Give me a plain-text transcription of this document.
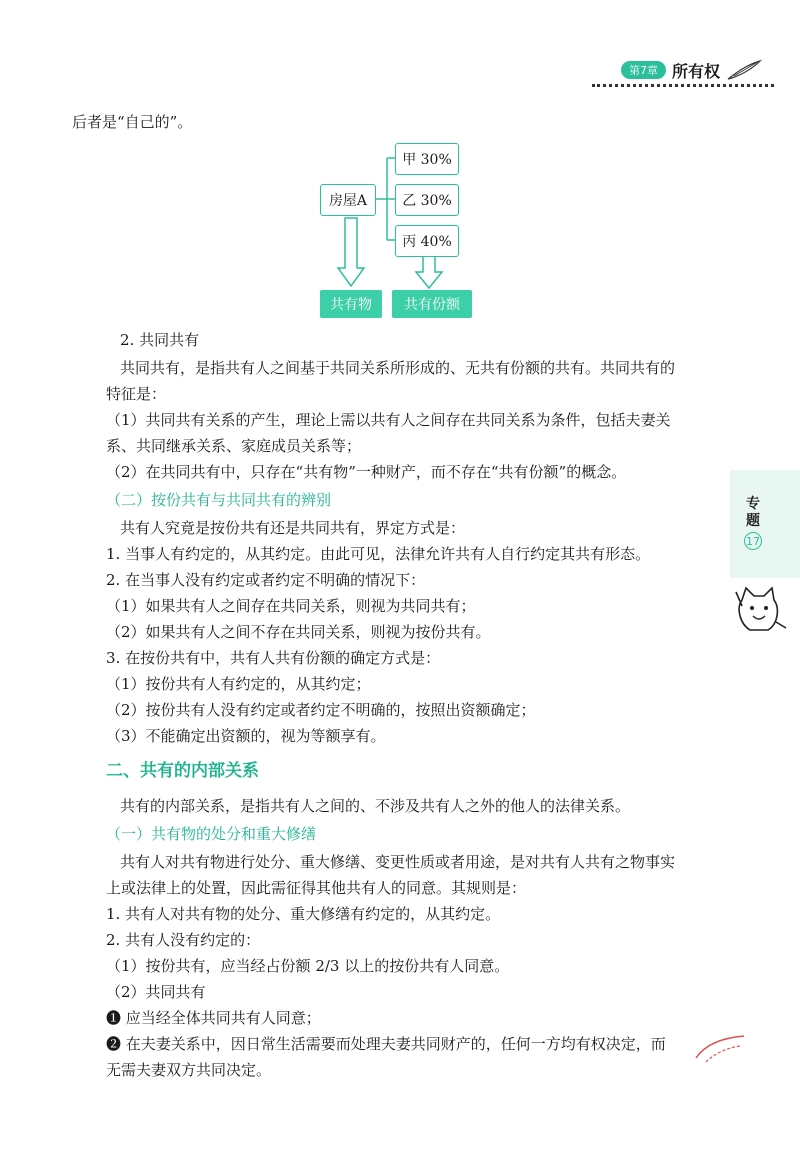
第7章 所有权
后者是“自己的”。
房屋A
甲 30%
乙 30%
丙 40%
共有物	共有份额
2. 共同共有
共同共有，是指共有人之间基于共同关系所形成的、无共有份额的共有。共同共有的
特征是：
（1）共同共有关系的产生，理论上需以共有人之间存在共同关系为条件，包括夫妻关
系、共同继承关系、家庭成员关系等；
（2）在共同共有中，只存在“共有物”一种财产，而不存在“共有份额”的概念。
（二）按份共有与共同共有的辨别
共有人究竟是按份共有还是共同共有，界定方式是：
1. 当事人有约定的，从其约定。由此可见，法律允许共有人自行约定其共有形态。
2. 在当事人没有约定或者约定不明确的情况下：
（1）如果共有人之间存在共同关系，则视为共同共有；
（2）如果共有人之间不存在共同关系，则视为按份共有。
3. 在按份共有中，共有人共有份额的确定方式是：
（1）按份共有人有约定的，从其约定；
（2）按份共有人没有约定或者约定不明确的，按照出资额确定；
（3）不能确定出资额的，视为等额享有。
二、共有的内部关系
共有的内部关系，是指共有人之间的、不涉及共有人之外的他人的法律关系。
（一）共有物的处分和重大修缮
共有人对共有物进行处分、重大修缮、变更性质或者用途，是对共有人共有之物事实
上或法律上的处置，因此需征得其他共有人的同意。其规则是：
1. 共有人对共有物的处分、重大修缮有约定的，从其约定。
2. 共有人没有约定的：
（1）按份共有，应当经占份额 2/3 以上的按份共有人同意。
（2）共同共有
❶ 应当经全体共同共有人同意；
❷ 在夫妻关系中，因日常生活需要而处理夫妻共同财产的，任何一方均有权决定，而
无需夫妻双方共同决定。
专题
17
